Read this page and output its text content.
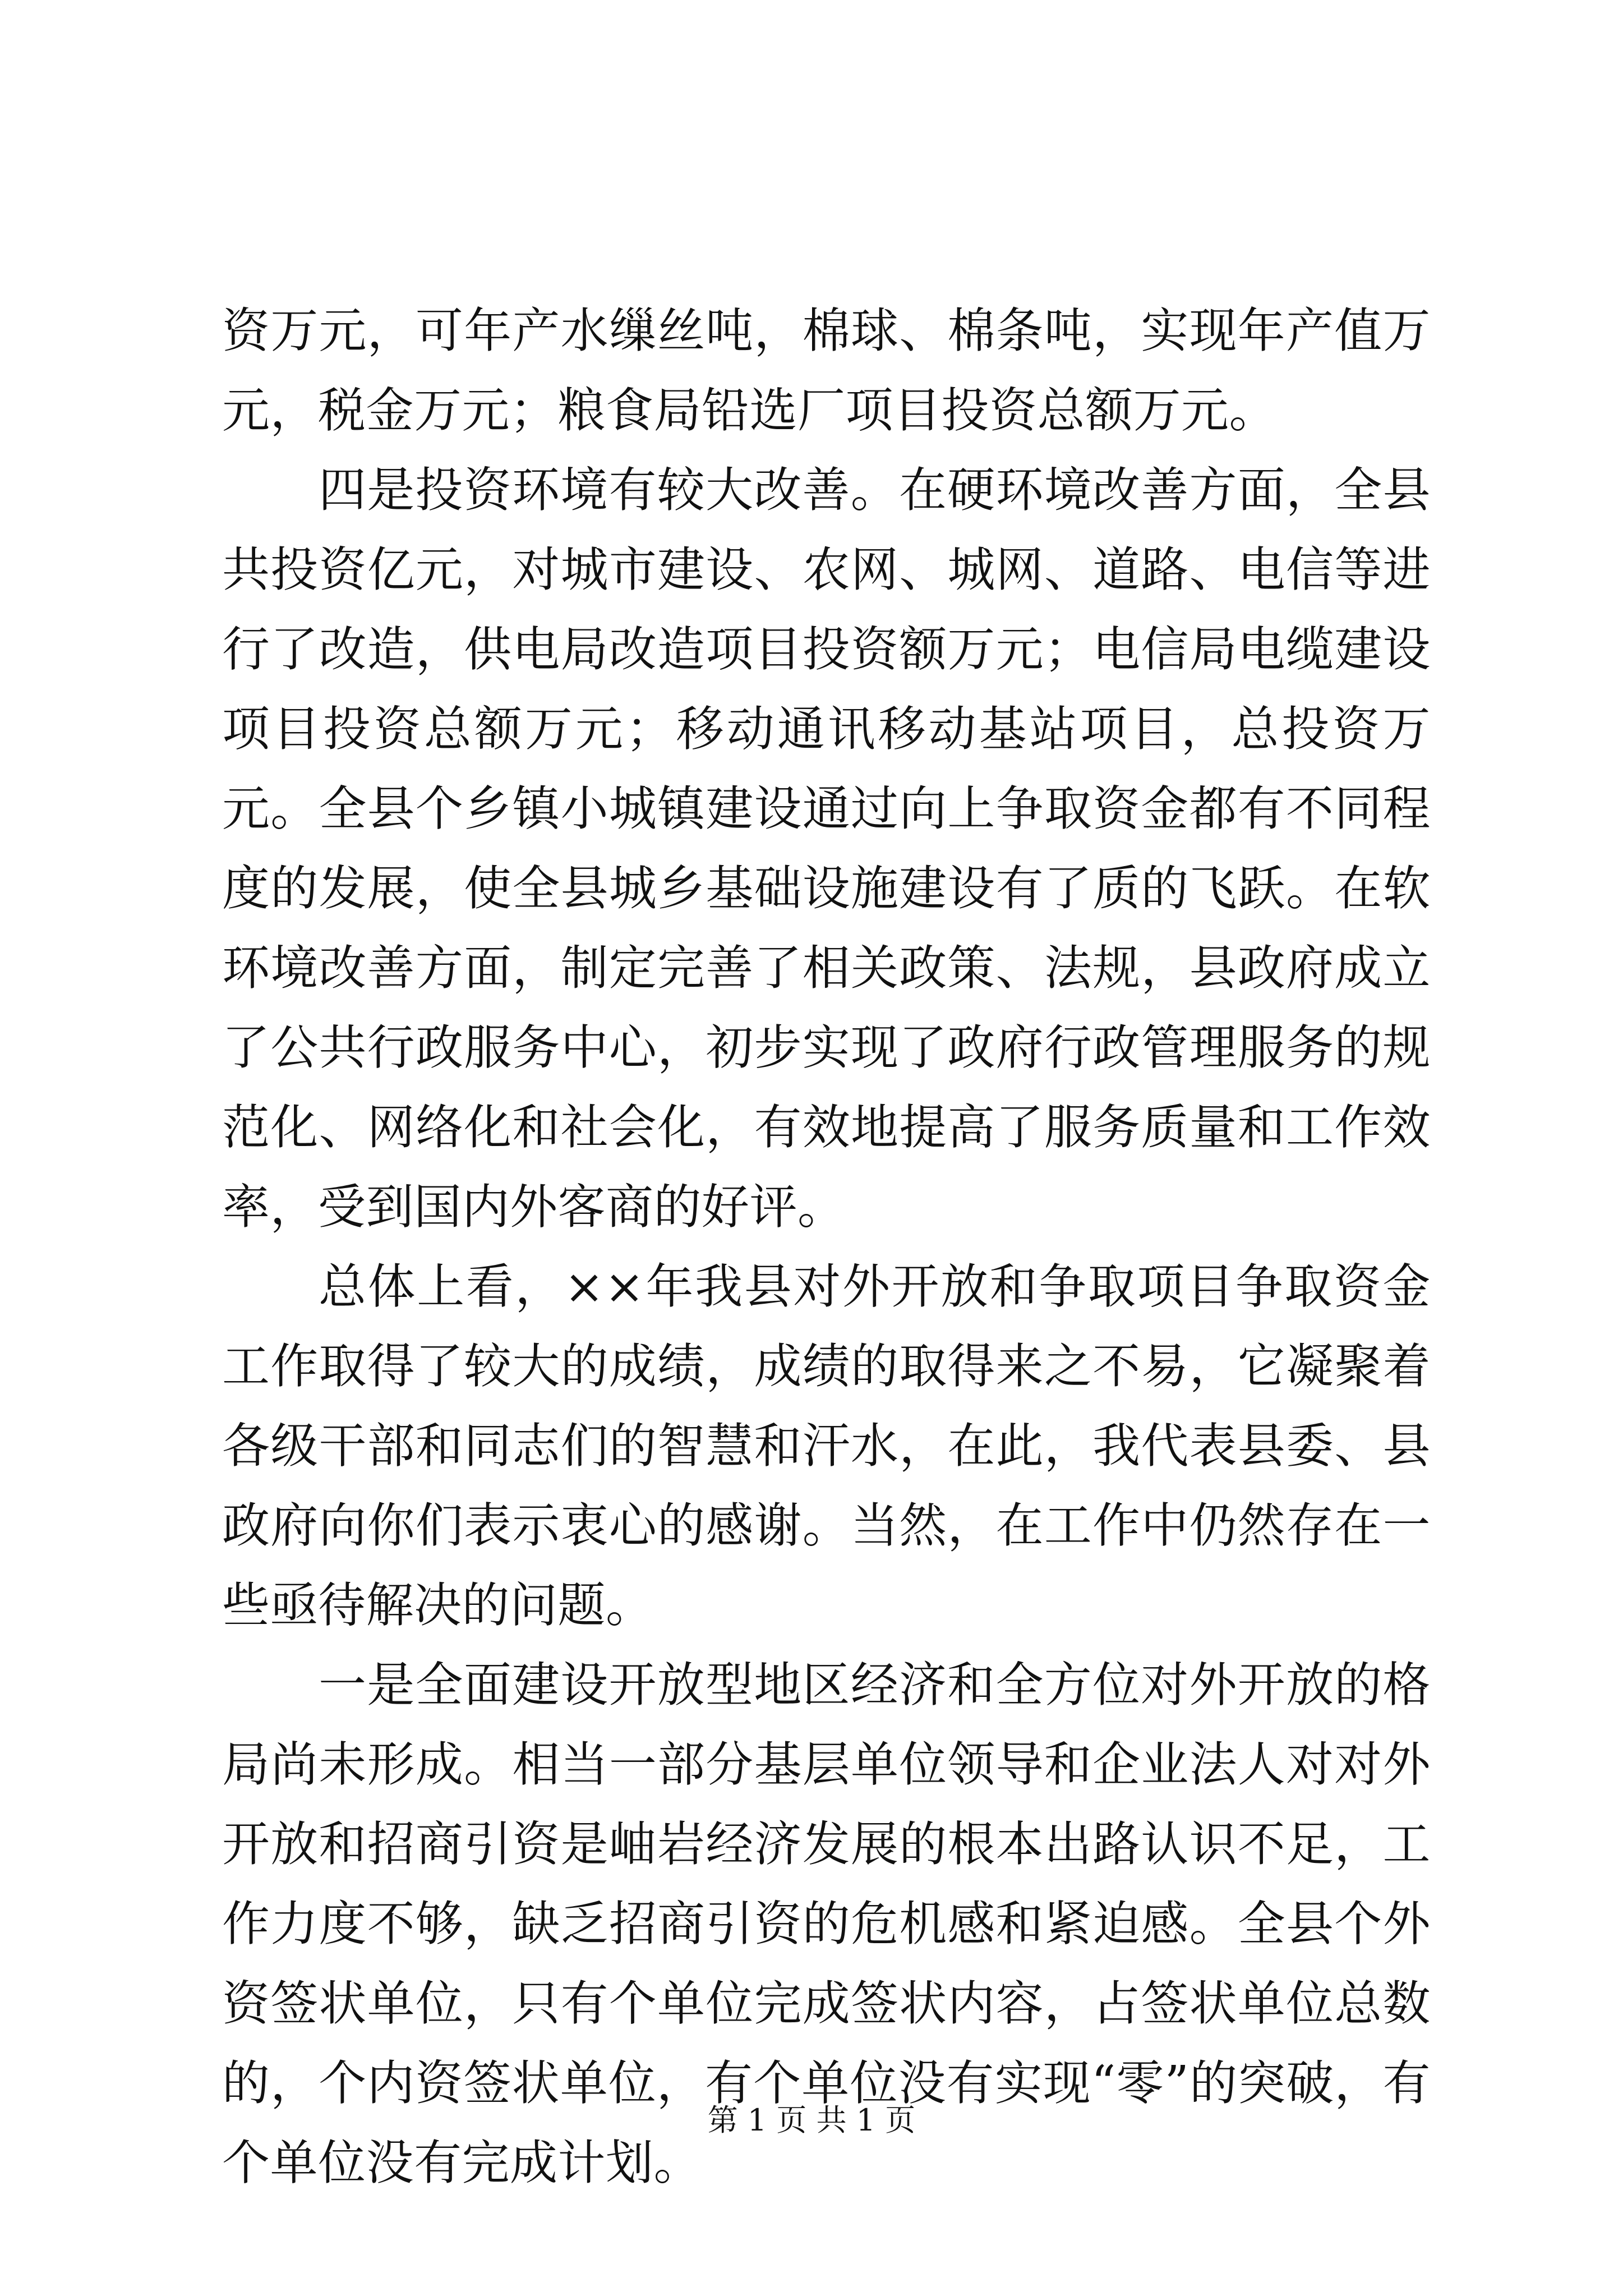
资万元，可年产水缫丝吨，棉球、棉条吨，实现年产值万元，税金万元；粮食局铅选厂项目投资总额万元。

四是投资环境有较大改善。在硬环境改善方面，全县共投资亿元，对城市建设、农网、城网、道路、电信等进行了改造，供电局改造项目投资额万元；电信局电缆建设项目投资总额万元；移动通讯移动基站项目，总投资万元。全县个乡镇小城镇建设通过向上争取资金都有不同程度的发展，使全县城乡基础设施建设有了质的飞跃。在软环境改善方面，制定完善了相关政策、法规，县政府成立了公共行政服务中心，初步实现了政府行政管理服务的规范化、网络化和社会化，有效地提高了服务质量和工作效率，受到国内外客商的好评。

总体上看，××年我县对外开放和争取项目争取资金工作取得了较大的成绩，成绩的取得来之不易，它凝聚着各级干部和同志们的智慧和汗水，在此，我代表县委、县政府向你们表示衷心的感谢。当然，在工作中仍然存在一些亟待解决的问题。

一是全面建设开放型地区经济和全方位对外开放的格局尚未形成。相当一部分基层单位领导和企业法人对对外开放和招商引资是岫岩经济发展的根本出路认识不足，工作力度不够，缺乏招商引资的危机感和紧迫感。全县个外资签状单位，只有个单位完成签状内容，占签状单位总数的，个内资签状单位，有个单位没有实现“零”的突破，有个单位没有完成计划。

第 1 页 共 1 页
